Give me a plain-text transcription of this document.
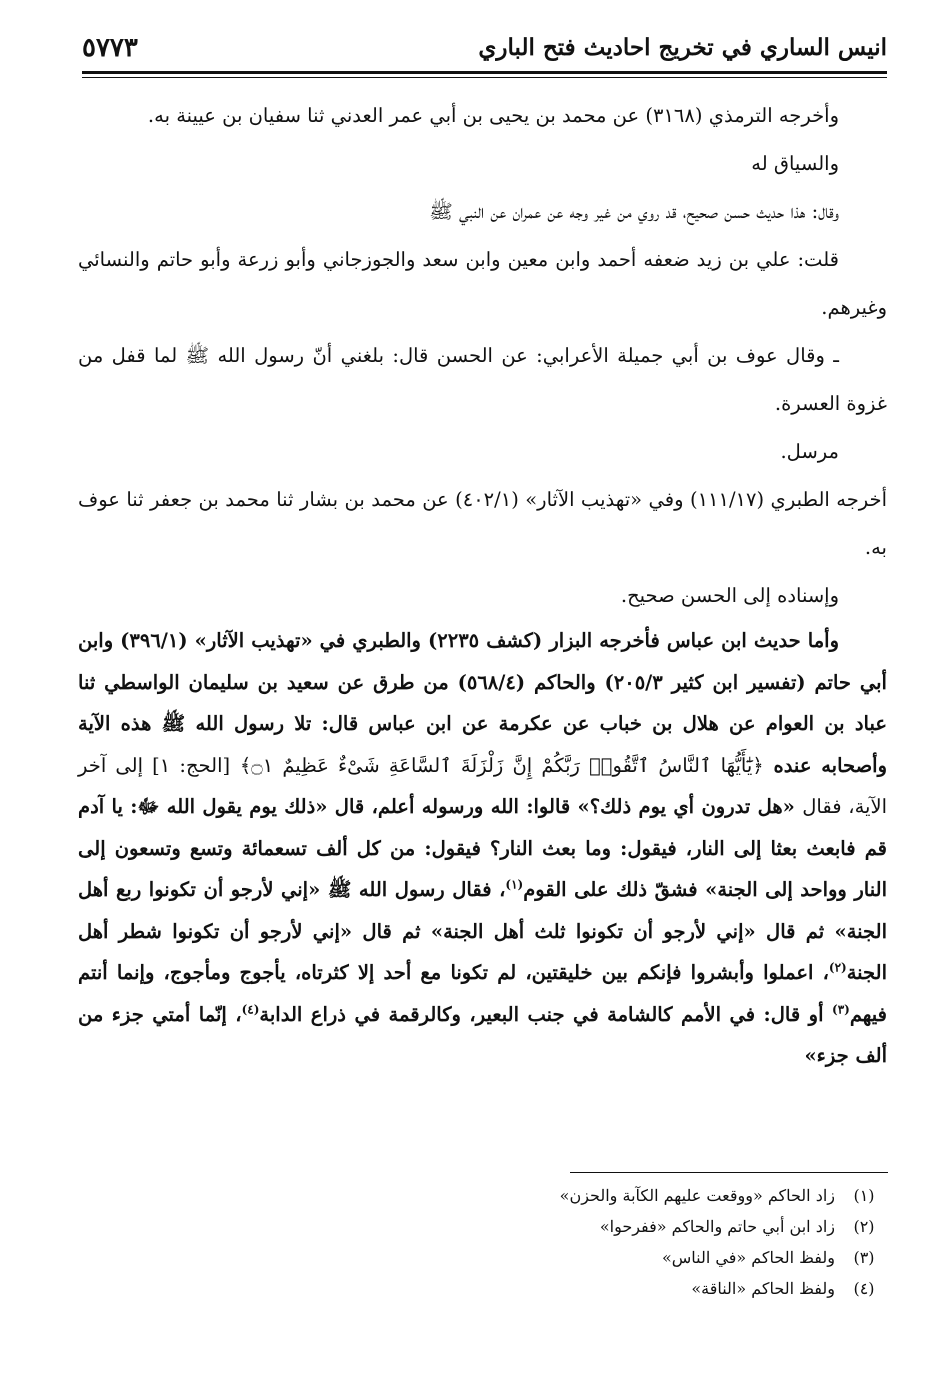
انيس الساري في تخريج احاديث فتح الباري
٥٧٧٣

وأخرجه الترمذي (٣١٦٨) عن محمد بن يحيى بن أبي عمر العدني ثنا سفيان بن عيينة به.

والسياق له

وقال: هذا حديث حسن صحيح، قد روي من غير وجه عن عمران عن النبي ﷺ

قلت: علي بن زيد ضعفه أحمد وابن معين وابن سعد والجوزجاني وأبو زرعة وأبو حاتم والنسائي وغيرهم.

ـ وقال عوف بن أبي جميلة الأعرابي: عن الحسن قال: بلغني أنّ رسول الله ﷺ لما قفل من غزوة العسرة.

مرسل.

أخرجه الطبري (١١١/١٧) وفي «تهذيب الآثار» (٤٠٢/١) عن محمد بن بشار ثنا محمد بن جعفر ثنا عوف به.

وإسناده إلى الحسن صحيح.

وأما حديث ابن عباس فأخرجه البزار (كشف ٢٢٣٥) والطبري في «تهذيب الآثار» (٣٩٦/١) وابن أبي حاتم (تفسير ابن كثير ٢٠٥/٣) والحاكم (٥٦٨/٤) من طرق عن سعيد بن سليمان الواسطي ثنا عباد بن العوام عن هلال بن خباب عن عكرمة عن ابن عباس قال: تلا رسول الله ﷺ هذه الآية وأصحابه عنده ﴿يَٰٓأَيُّهَا ٱلنَّاسُ ٱتَّقُوا۟ رَبَّكُمْ إِنَّ زَلْزَلَةَ ٱلسَّاعَةِ شَىْءٌ عَظِيمٌ ۝١﴾ [الحج: ١] إلى آخر الآية، فقال «هل تدرون أي يوم ذلك؟» قالوا: الله ورسوله أعلم، قال «ذلك يوم يقول الله ﷻ: يا آدم قم فابعث بعثا إلى النار، فيقول: وما بعث النار؟ فيقول: من كل ألف تسعمائة وتسع وتسعون إلى النار وواحد إلى الجنة» فشقّ ذلك على القوم$^{(١)}$، فقال رسول الله ﷺ «إني لأرجو أن تكونوا ربع أهل الجنة» ثم قال «إني لأرجو أن تكونوا ثلث أهل الجنة» ثم قال «إني لأرجو أن تكونوا شطر أهل الجنة$^{(٢)}$، اعملوا وأبشروا فإنكم بين خليقتين، لم تكونا مع أحد إلا كثرتاه، يأجوج ومأجوج، وإنما أنتم فيهم$^{(٣)}$ أو قال: في الأمم كالشامة في جنب البعير، وكالرقمة في ذراع الدابة$^{(٤)}$، إنّما أمتي جزء من ألف جزء»

(١)
زاد الحاكم «ووقعت عليهم الكآبة والحزن»
(٢)
زاد ابن أبي حاتم والحاكم «ففرحوا»
(٣)
ولفظ الحاكم «في الناس»
(٤)
ولفظ الحاكم «الناقة»
